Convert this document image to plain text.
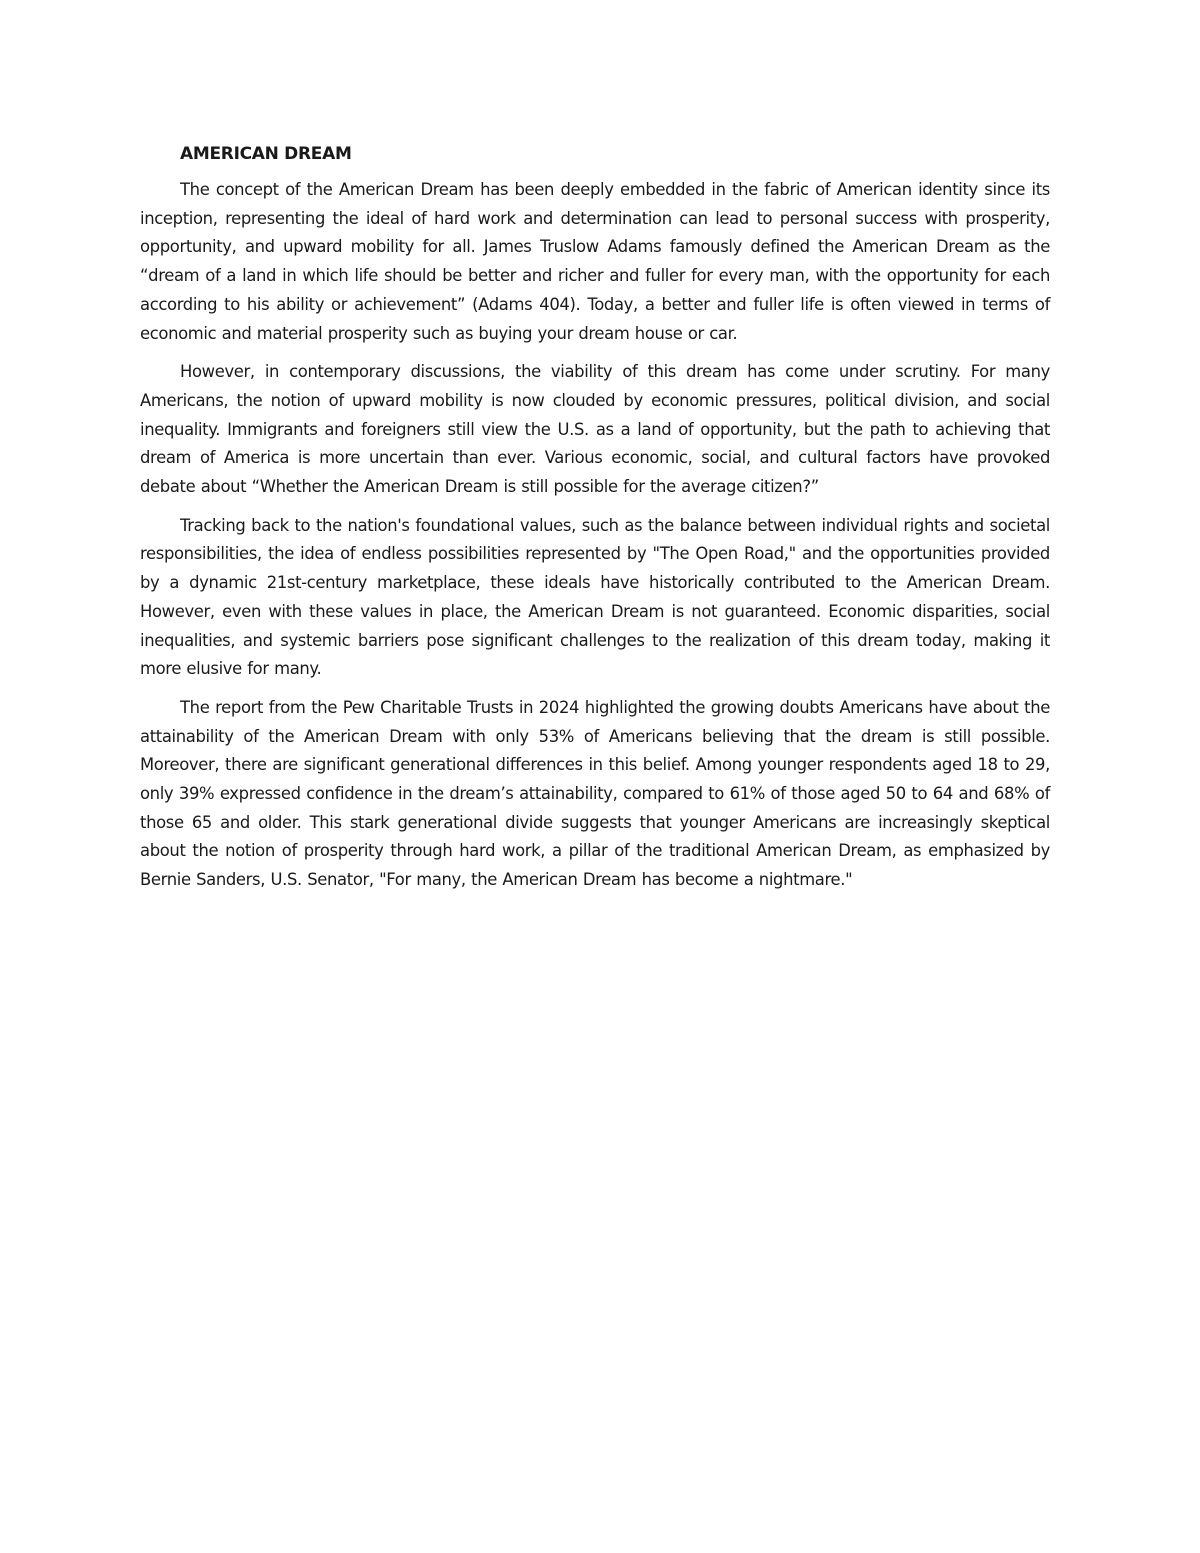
AMERICAN DREAM

The concept of the American Dream has been deeply embedded in the fabric of American identity since its inception, representing the ideal of hard work and determination can lead to personal success with prosperity, opportunity, and upward mobility for all. James Truslow Adams famously defined the American Dream as the “dream of a land in which life should be better and richer and fuller for every man, with the opportunity for each according to his ability or achievement” (Adams 404). Today, a better and fuller life is often viewed in terms of economic and material prosperity such as buying your dream house or car.

However, in contemporary discussions, the viability of this dream has come under scrutiny. For many Americans, the notion of upward mobility is now clouded by economic pressures, political division, and social inequality. Immigrants and foreigners still view the U.S. as a land of opportunity, but the path to achieving that dream of America is more uncertain than ever. Various economic, social, and cultural factors have provoked debate about “Whether the American Dream is still possible for the average citizen?”

Tracking back to the nation's foundational values, such as the balance between individual rights and societal responsibilities, the idea of endless possibilities represented by "The Open Road," and the opportunities provided by a dynamic 21st-century marketplace, these ideals have historically contributed to the American Dream. However, even with these values in place, the American Dream is not guaranteed. Economic disparities, social inequalities, and systemic barriers pose significant challenges to the realization of this dream today, making it more elusive for many.

The report from the Pew Charitable Trusts in 2024 highlighted the growing doubts Americans have about the attainability of the American Dream with only 53% of Americans believing that the dream is still possible. Moreover, there are significant generational differences in this belief. Among younger respondents aged 18 to 29, only 39% expressed confidence in the dream’s attainability, compared to 61% of those aged 50 to 64 and 68% of those 65 and older. This stark generational divide suggests that younger Americans are increasingly skeptical about the notion of prosperity through hard work, a pillar of the traditional American Dream, as emphasized by Bernie Sanders, U.S. Senator, "For many, the American Dream has become a nightmare."
